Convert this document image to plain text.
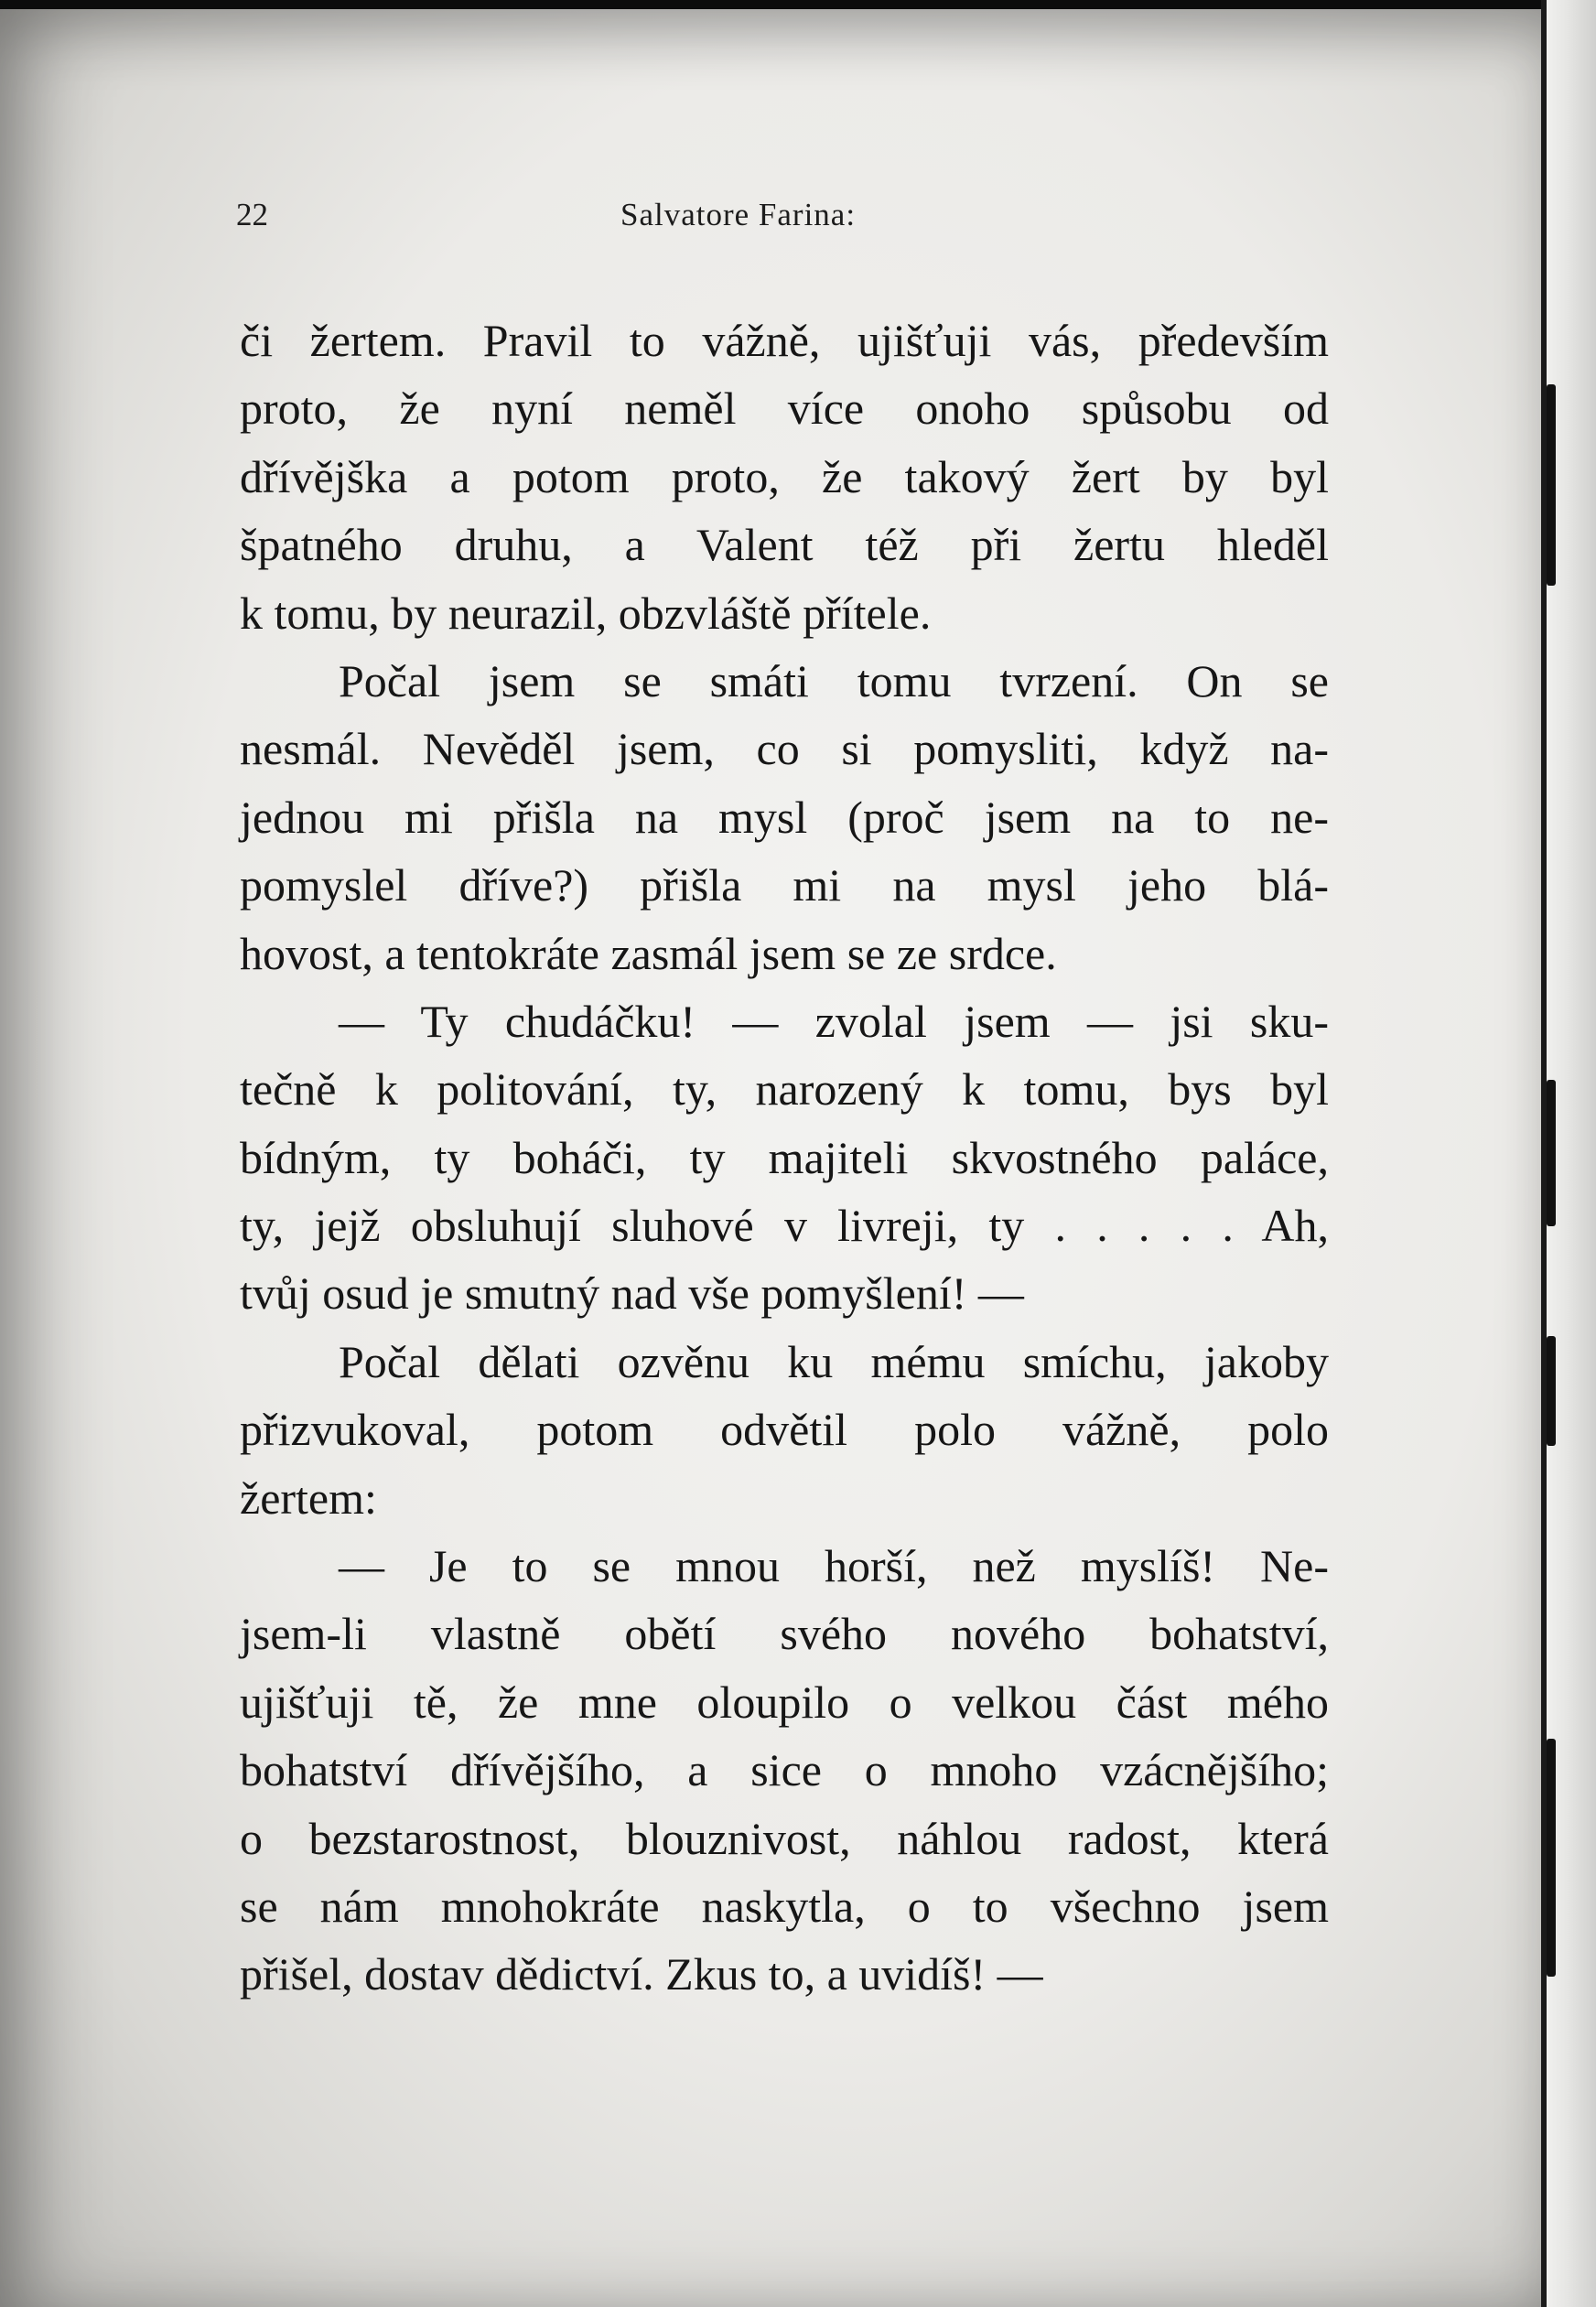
22	Salvatore Farina:
či žertem. Pravil to vážně, ujišťuji vás, především
proto, že nyní neměl více onoho spůsobu od
dřívějška a potom proto, že takový žert by byl
špatného druhu, a Valent též při žertu hleděl
k tomu, by neurazil, obzvláště přítele.
Počal jsem se smáti tomu tvrzení. On se
nesmál. Nevěděl jsem, co si pomysliti, když na-
jednou mi přišla na mysl (proč jsem na to ne-
pomyslel dříve?) přišla mi na mysl jeho blá-
hovost, a tentokráte zasmál jsem se ze srdce.
— Ty chudáčku! — zvolal jsem — jsi sku-
tečně k politování, ty, narozený k tomu, bys byl
bídným, ty boháči, ty majiteli skvostného paláce,
ty, jejž obsluhují sluhové v livreji, ty . . . . . Ah,
tvůj osud je smutný nad vše pomyšlení! —
Počal dělati ozvěnu ku mému smíchu, jakoby
přizvukoval, potom odvětil polo vážně, polo
žertem:
— Je to se mnou horší, než myslíš! Ne-
jsem-li vlastně obětí svého nového bohatství,
ujišťuji tě, že mne oloupilo o velkou část mého
bohatství dřívějšího, a sice o mnoho vzácnějšího;
o bezstarostnost, blouznivost, náhlou radost, která
se nám mnohokráte naskytla, o to všechno jsem
přišel, dostav dědictví. Zkus to, a uvidíš! —
